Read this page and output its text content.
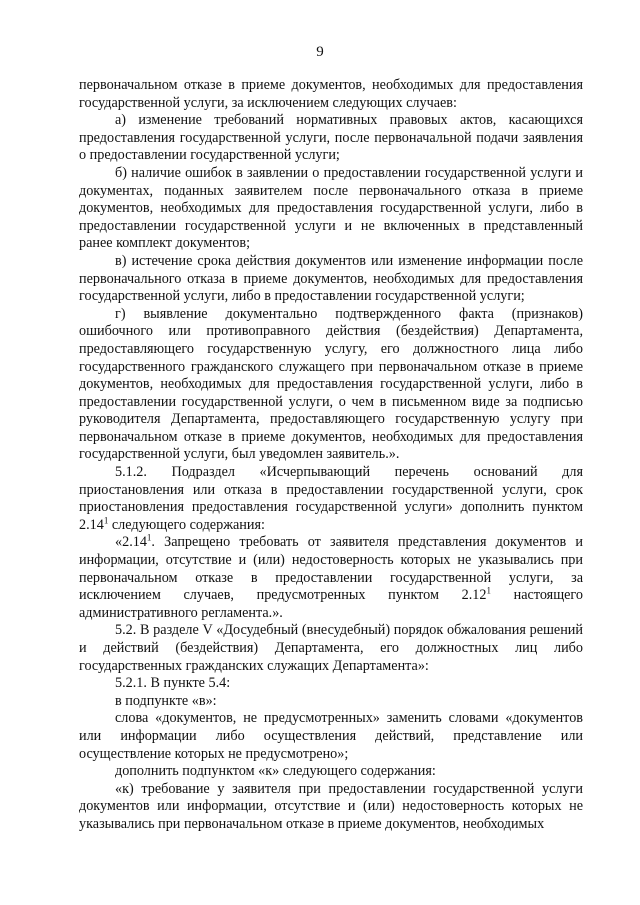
9

первоначальном отказе в приеме документов, необходимых для предоставления государственной услуги, за исключением следующих случаев:

а) изменение требований нормативных правовых актов, касающихся предоставления государственной услуги, после первоначальной подачи заявления о предоставлении государственной услуги;

б) наличие ошибок в заявлении о предоставлении государственной услуги и документах, поданных заявителем после первоначального отказа в приеме документов, необходимых для предоставления государственной услуги, либо в предоставлении государственной услуги и не включенных в представленный ранее комплект документов;

в) истечение срока действия документов или изменение информации после первоначального отказа в приеме документов, необходимых для предоставления государственной услуги, либо в предоставлении государственной услуги;

г) выявление документально подтвержденного факта (признаков) ошибочного или противоправного действия (бездействия) Департамента, предоставляющего государственную услугу, его должностного лица либо государственного гражданского служащего при первоначальном отказе в приеме документов, необходимых для предоставления государственной услуги, либо в предоставлении государственной услуги, о чем в письменном виде за подписью руководителя Департамента, предоставляющего государственную услугу при первоначальном отказе в приеме документов, необходимых для предоставления государственной услуги, был уведомлен заявитель.».

5.1.2. Подраздел «Исчерпывающий перечень оснований для приостановления или отказа в предоставлении государственной услуги, срок приостановления предоставления государственной услуги» дополнить пунктом 2.14$^1$ следующего содержания:

«2.14$^1$. Запрещено требовать от заявителя представления документов и информации, отсутствие и (или) недостоверность которых не указывались при первоначальном отказе в предоставлении государственной услуги, за исключением случаев, предусмотренных пунктом 2.12$^1$ настоящего административного регламента.».

5.2. В разделе V «Досудебный (внесудебный) порядок обжалования решений и действий (бездействия) Департамента, его должностных лиц либо государственных гражданских служащих Департамента»:

5.2.1. В пункте 5.4:

в подпункте «в»:

слова «документов, не предусмотренных» заменить словами «документов или информации либо осуществления действий, представление или осуществление которых не предусмотрено»;

дополнить подпунктом «к» следующего содержания:

«к) требование у заявителя при предоставлении государственной услуги документов или информации, отсутствие и (или) недостоверность которых не указывались при первоначальном отказе в приеме документов, необходимых
